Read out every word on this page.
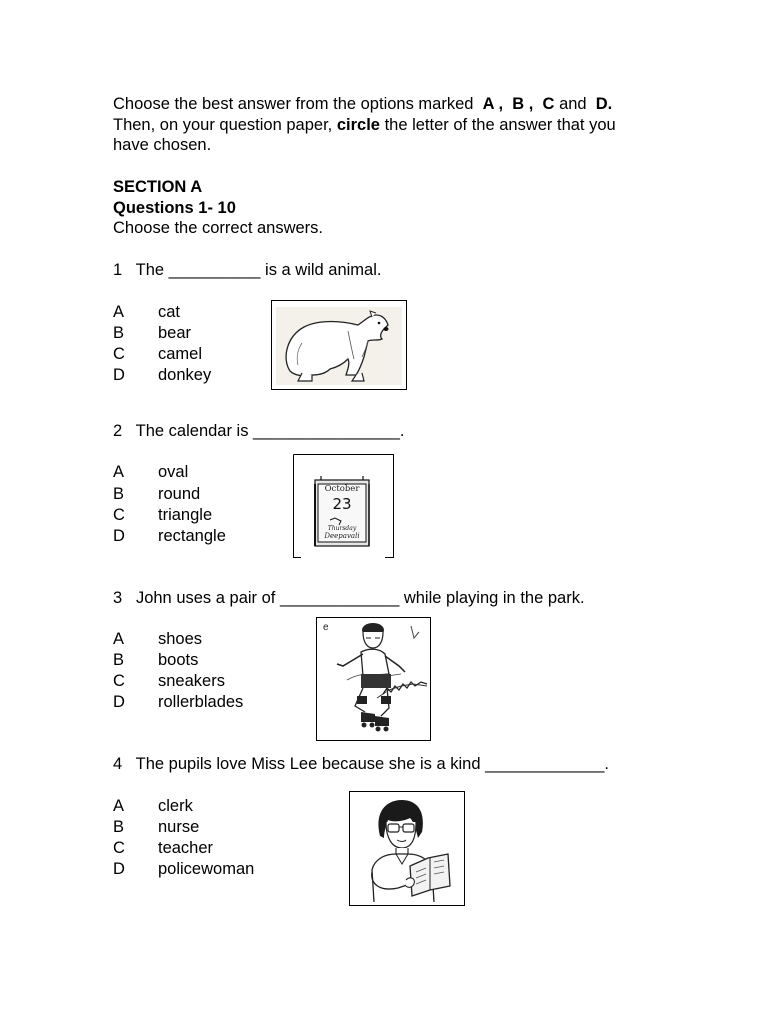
Choose the best answer from the options marked A , B , C and D.
Then, on your question paper, circle the letter of the answer that you
have chosen.
SECTION A
Questions 1- 10
Choose the correct answers.
1 The __________ is a wild animal.
A cat
B bear
C camel
D donkey
2 The calendar is ________________.
A oval
B round
C triangle
D rectangle
October
23
Thursday
Deepavali
3 John uses a pair of _____________ while playing in the park.
A shoes
B boots
C sneakers
D rollerblades
e
4 The pupils love Miss Lee because she is a kind _____________.
A clerk
B nurse
C teacher
D policewoman
